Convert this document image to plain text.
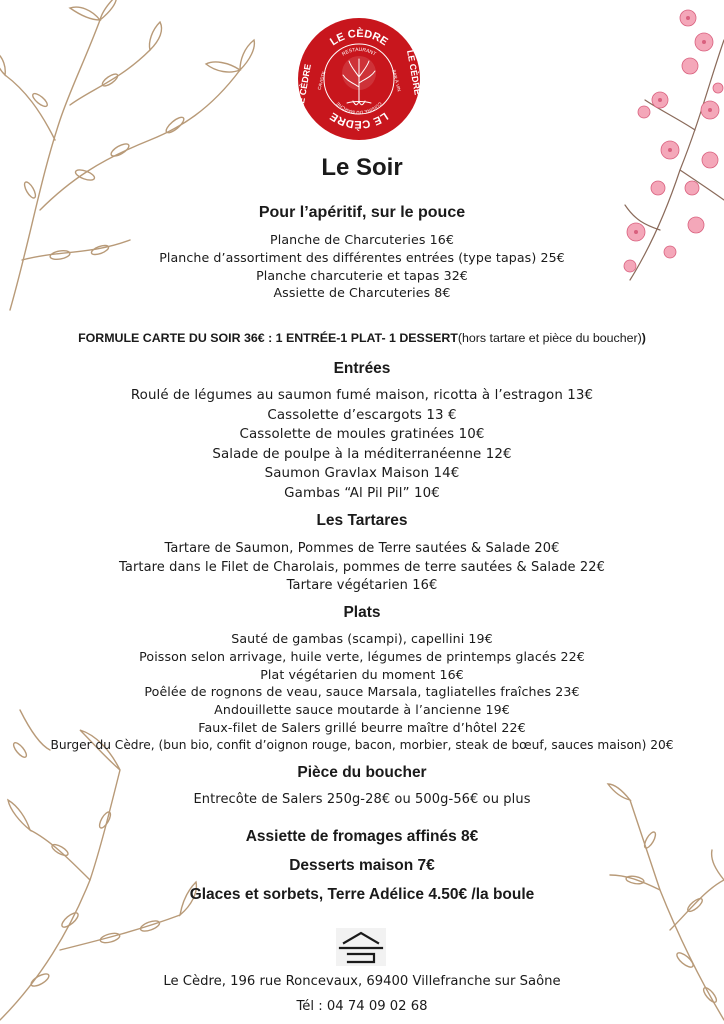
LE CÈDRE
LE CÈDRE
RESTAURANT
CUISINE DU MARCHÉ
CAVISTE	BAR À VIN
LE CÈDRE
LE CÈDRE
Le Soir
Pour l’apéritif, sur le pouce
Planche de Charcuteries 16€
Planche d’assortiment des différentes entrées (type tapas) 25€
Planche charcuterie et tapas 32€
Assiette de Charcuteries 8€
FORMULE CARTE DU SOIR 36€ : 1 ENTRÉE-1 PLAT- 1 DESSERT(hors tartare et pièce du boucher))
Entrées
Roulé de légumes au saumon fumé maison, ricotta à l’estragon 13€
Cassolette d’escargots 13 €
Cassolette de moules gratinées 10€
Salade de poulpe à la méditerranéenne 12€
Saumon Gravlax Maison 14€
Gambas “Al Pil Pil” 10€
Les Tartares
Tartare de Saumon, Pommes de Terre sautées & Salade 20€
Tartare dans le Filet de Charolais, pommes de terre sautées & Salade 22€
Tartare végétarien 16€
Plats
Sauté de gambas (scampi), capellini 19€
Poisson selon arrivage, huile verte, légumes de printemps glacés 22€
Plat végétarien du moment 16€
Poêlée de rognons de veau, sauce Marsala, tagliatelles fraîches 23€
Andouillette sauce moutarde à l’ancienne 19€
Faux-filet de Salers grillé beurre maître d’hôtel 22€
Burger du Cèdre, (bun bio, confit d’oignon rouge, bacon, morbier, steak de bœuf, sauces maison) 20€
Pièce du boucher
Entrecôte de Salers 250g-28€ ou 500g-56€ ou plus
Assiette de fromages affinés 8€
Desserts maison 7€
Glaces et sorbets, Terre Adélice 4.50€ /la boule
Le Cèdre, 196 rue Roncevaux, 69400 Villefranche sur Saône
Tél : 04 74 09 02 68
